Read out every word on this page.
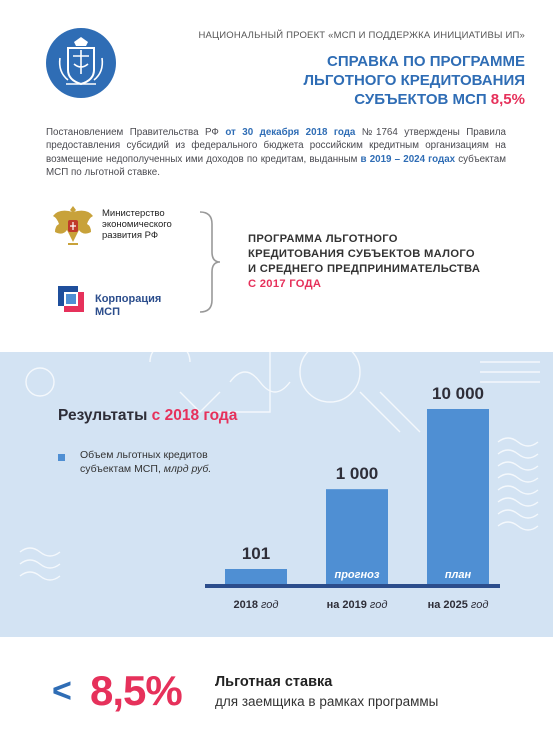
НАЦИОНАЛЬНЫЙ ПРОЕКТ «МСП И ПОДДЕРЖКА ИНИЦИАТИВЫ ИП»
СПРАВКА ПО ПРОГРАММЕ
ЛЬГОТНОГО КРЕДИТОВАНИЯ
СУБЪЕКТОВ МСП 8,5%
Постановлением Правительства РФ от 30 декабря 2018 года №1764 утверждены Правила предоставления субсидий из федерального бюджета российским кредитным организациям на возмещение недополученных ими доходов по кредитам, выданным в 2019 – 2024 годах субъектам МСП по льготной ставке.
Министерство
экономического
развития РФ
Корпорация
МСП
ПРОГРАММА ЛЬГОТНОГО
КРЕДИТОВАНИЯ СУБЪЕКТОВ МАЛОГО
И СРЕДНЕГО ПРЕДПРИНИМАТЕЛЬСТВА
С 2017 ГОДА
Результаты с 2018 года
Объем льготных кредитов
субъектам МСП, млрд руб.
101
2018 год
1 000
прогноз
на 2019 год
10 000
план
на 2025 год
< 8,5% Льготная ставка
для заемщика в рамках программы
